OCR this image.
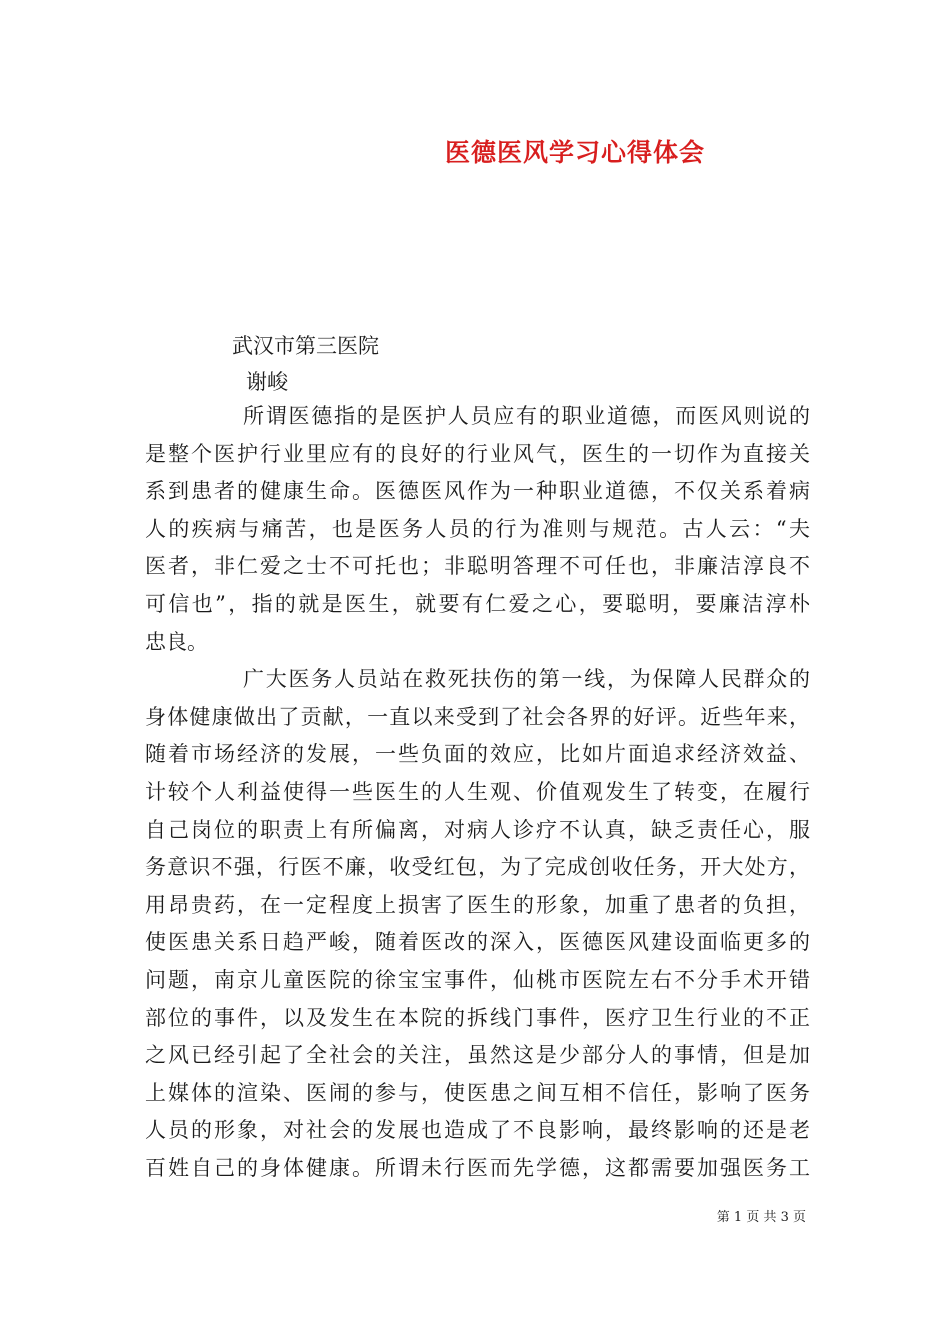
医德医风学习心得体会
武汉市第三医院
谢峻
所谓医德指的是医护人员应有的职业道德，而医风则说的
是整个医护行业里应有的良好的行业风气，医生的一切作为直接关
系到患者的健康生命。医德医风作为一种职业道德，不仅关系着病
人的疾病与痛苦，也是医务人员的行为准则与规范。古人云：“夫
医者，非仁爱之士不可托也；非聪明答理不可任也，非廉洁淳良不
可信也”，指的就是医生，就要有仁爱之心，要聪明，要廉洁淳朴
忠良。
广大医务人员站在救死扶伤的第一线，为保障人民群众的
身体健康做出了贡献，一直以来受到了社会各界的好评。近些年来，
随着市场经济的发展，一些负面的效应，比如片面追求经济效益、
计较个人利益使得一些医生的人生观、价值观发生了转变，在履行
自己岗位的职责上有所偏离，对病人诊疗不认真，缺乏责任心，服
务意识不强，行医不廉，收受红包，为了完成创收任务，开大处方，
用昂贵药，在一定程度上损害了医生的形象，加重了患者的负担，
使医患关系日趋严峻，随着医改的深入，医德医风建设面临更多的
问题，南京儿童医院的徐宝宝事件，仙桃市医院左右不分手术开错
部位的事件，以及发生在本院的拆线门事件，医疗卫生行业的不正
之风已经引起了全社会的关注，虽然这是少部分人的事情，但是加
上媒体的渲染、医闹的参与，使医患之间互相不信任，影响了医务
人员的形象，对社会的发展也造成了不良影响，最终影响的还是老
百姓自己的身体健康。所谓未行医而先学德，这都需要加强医务工
第 1 页 共 3 页
